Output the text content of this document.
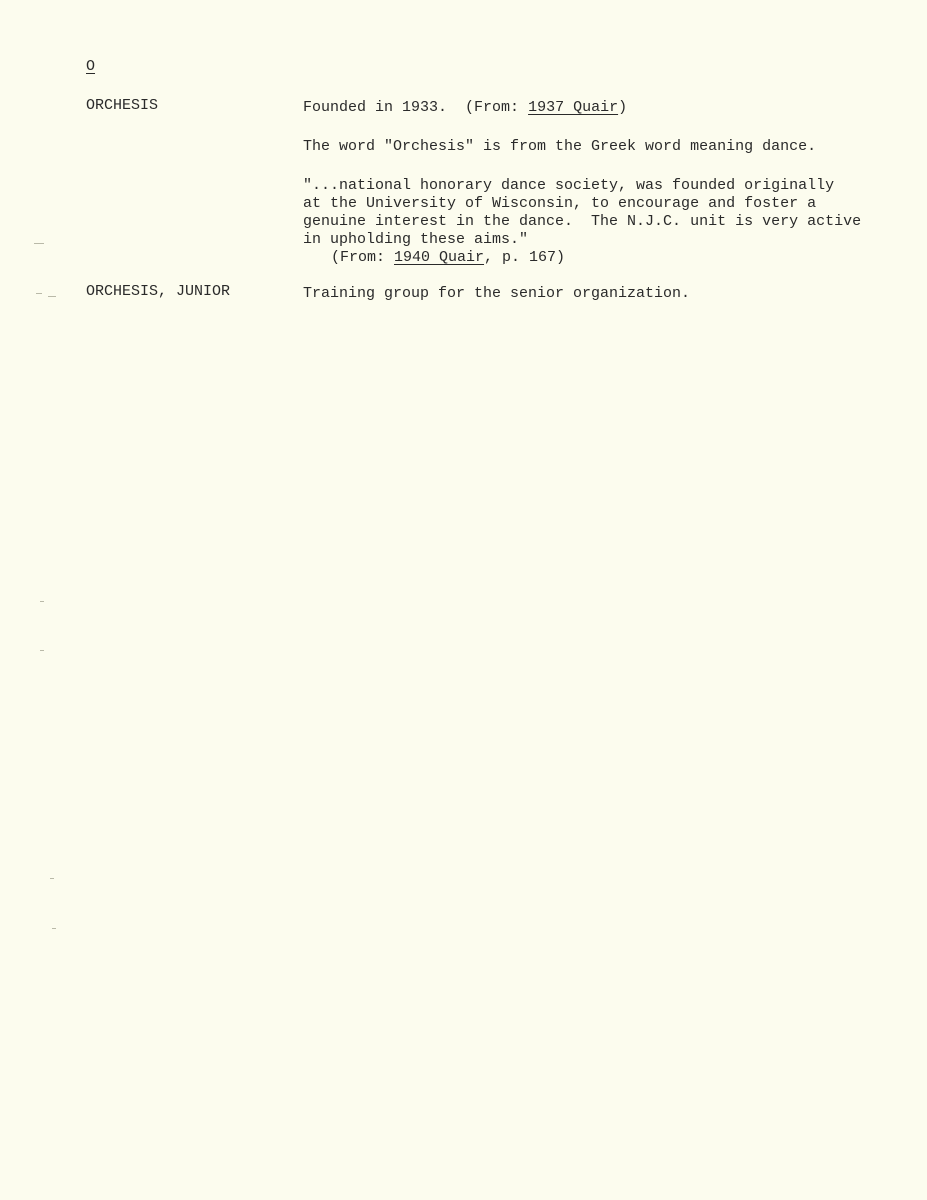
O
ORCHESIS	Founded in 1933. (From: 1937 Quair)

The word "Orchesis" is from the Greek word meaning dance.

"...national honorary dance society, was founded originally
at the University of Wisconsin, to encourage and foster a
genuine interest in the dance.  The N.J.C. unit is very active
in upholding these aims."
(From: 1940 Quair, p. 167)

ORCHESIS, JUNIOR	Training group for the senior organization.
